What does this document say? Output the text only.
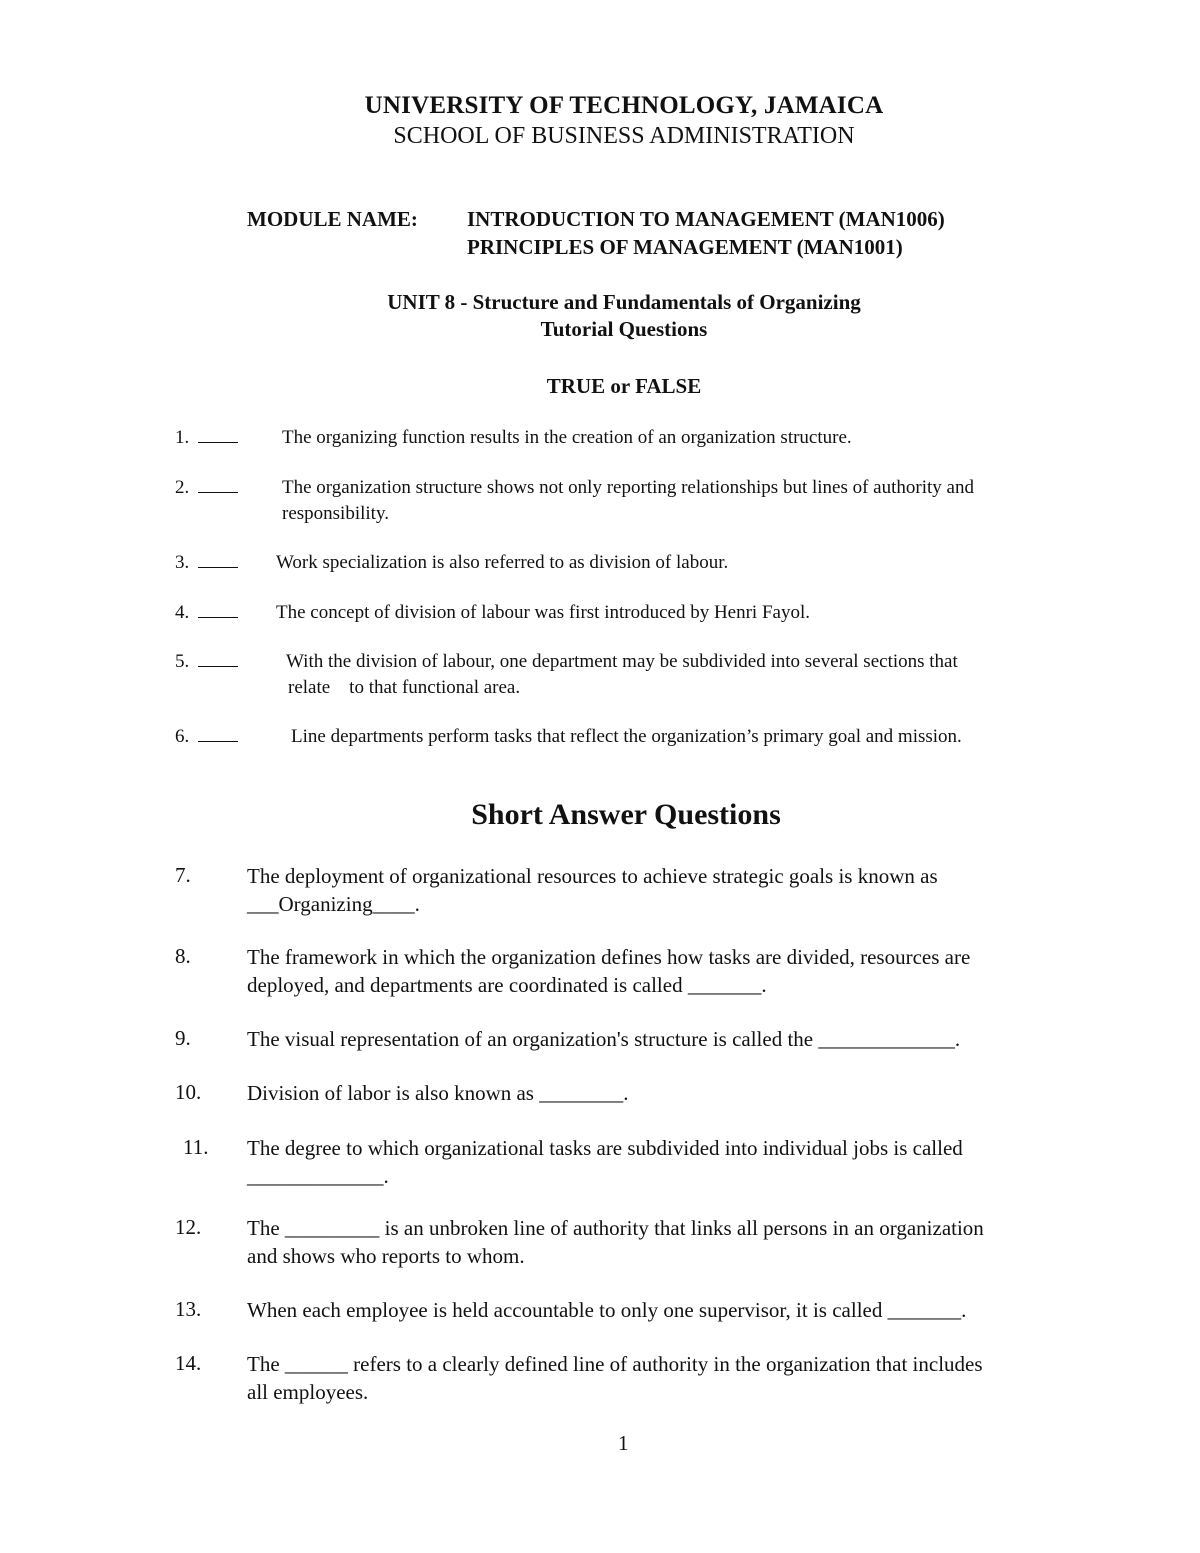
UNIVERSITY OF TECHNOLOGY, JAMAICA
SCHOOL OF BUSINESS ADMINISTRATION
MODULE NAME: INTRODUCTION TO MANAGEMENT (MAN1006)
PRINCIPLES OF MANAGEMENT (MAN1001)
UNIT 8 - Structure and Fundamentals of Organizing
Tutorial Questions
TRUE or FALSE
1.	The organizing function results in the creation of an organization structure.
2.	The organization structure shows not only reporting relationships but lines of authority and
responsibility.
3.	Work specialization is also referred to as division of labour.
4.	The concept of division of labour was first introduced by Henri Fayol.
5.	With the division of labour, one department may be subdivided into several sections that
relate    to that functional area.
6.	Line departments perform tasks that reflect the organization’s primary goal and mission.
Short Answer Questions
7.	The deployment of organizational resources to achieve strategic goals is known as
___Organizing____.
8.	The framework in which the organization defines how tasks are divided, resources are
deployed, and departments are coordinated is called _______.
9.	The visual representation of an organization's structure is called the _____________.
10. Division of labor is also known as ________.
11. The degree to which organizational tasks are subdivided into individual jobs is called
_____________.
12. The _________ is an unbroken line of authority that links all persons in an organization
and shows who reports to whom.
13. When each employee is held accountable to only one supervisor, it is called _______.
14. The ______ refers to a clearly defined line of authority in the organization that includes
all employees.
1
